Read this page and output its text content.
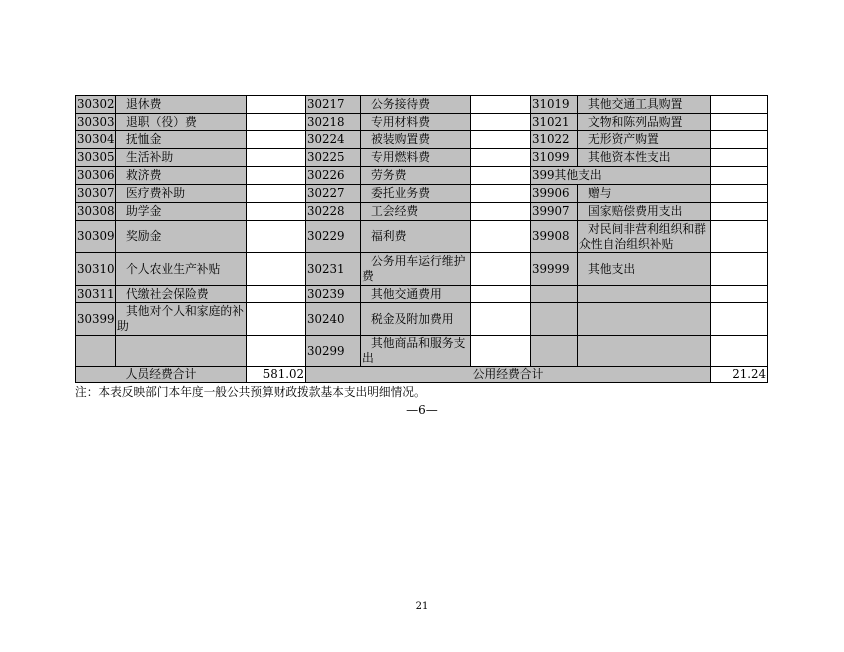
30302	退休费		30217	公务接待费		31019	其他交通工具购置	
30303	退职（役）费		30218	专用材料费		31021	文物和陈列品购置	
30304	抚恤金		30224	被装购置费		31022	无形资产购置	
30305	生活补助		30225	专用燃料费		31099	其他资本性支出	
30306	救济费		30226	劳务费		399其他支出		
30307	医疗费补助		30227	委托业务费		39906	赠与	
30308	助学金		30228	工会经费		39907	国家赔偿费用支出	
30309	奖励金		30229	福利费		39908	对民间非营利组织和群众性自治组织补贴	
30310	个人农业生产补贴		30231	公务用车运行维护费		39999	其他支出	
30311	代缴社会保险费		30239	其他交通费用				
30399	其他对个人和家庭的补助		30240	税金及附加费用				
			30299	其他商品和服务支出				
人员经费合计		581.02	公用经费合计					21.24
注：本表反映部门本年度一般公共预算财政拨款基本支出明细情况。
—6—
21
